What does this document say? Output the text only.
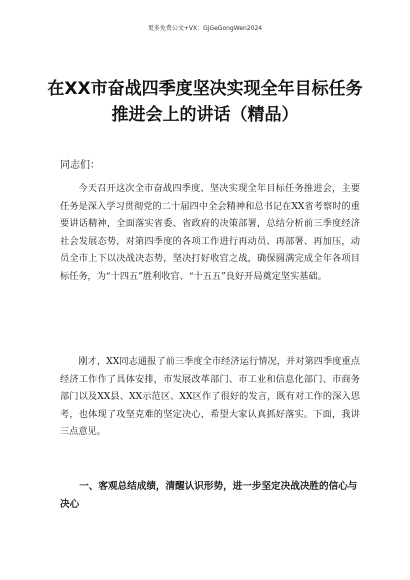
更多免费公文+VX：GjGeGongWen2024
在XX市奋战四季度坚决实现全年目标任务推进会上的讲话（精品）
同志们：
今天召开这次全市奋战四季度、坚决实现全年目标任务推进会，主要任务是深入学习贯彻党的二十届四中全会精神和总书记在XX省考察时的重要讲话精神，全面落实省委、省政府的决策部署，总结分析前三季度经济社会发展态势，对第四季度的各项工作进行再动员、再部署、再加压，动员全市上下以决战决态势，坚决打好收官之战，确保圆满完成全年各项目标任务，为“十四五”胜利收官、“十五五”良好开局奠定坚实基础。
刚才，XX同志通报了前三季度全市经济运行情况，并对第四季度重点经济工作作了具体安排，市发展改革部门、市工业和信息化部门、市商务部门以及XX县、XX示范区、XX区作了很好的发言，既有对工作的深入思考，也体现了攻坚克难的坚定决心，希望大家认真抓好落实。下面，我讲三点意见。
一、客观总结成绩，清醒认识形势，进一步坚定决战决胜的信心与决心
